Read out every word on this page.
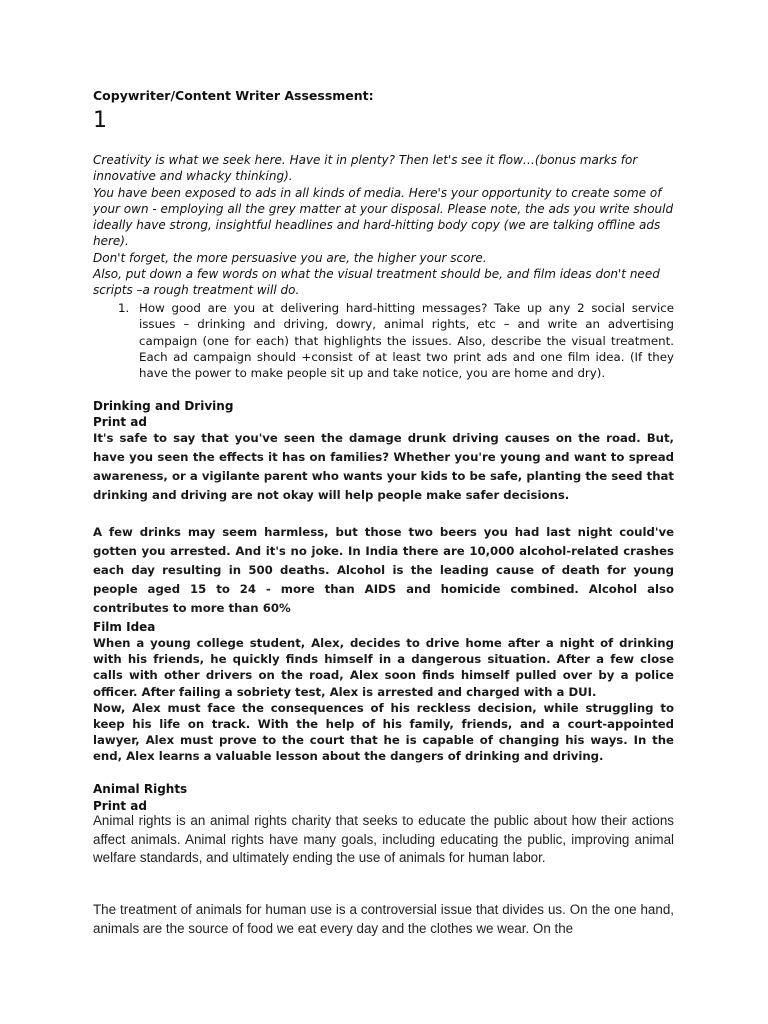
Copywriter/Content Writer Assessment:
1

Creativity is what we seek here. Have it in plenty? Then let's see it flow…(bonus marks for innovative and whacky thinking).

You have been exposed to ads in all kinds of media. Here's your opportunity to create some of your own - employing all the grey matter at your disposal. Please note, the ads you write should ideally have strong, insightful headlines and hard-hitting body copy (we are talking offline ads here).

Don't forget, the more persuasive you are, the higher your score.

Also, put down a few words on what the visual treatment should be, and film ideas don't need scripts –a rough treatment will do.

1. How good are you at delivering hard-hitting messages? Take up any 2 social service issues – drinking and driving, dowry, animal rights, etc – and write an advertising campaign (one for each) that highlights the issues. Also, describe the visual treatment. Each ad campaign should +consist of at least two print ads and one film idea. (If they have the power to make people sit up and take notice, you are home and dry).
Drinking and Driving
Print ad

It's safe to say that you've seen the damage drunk driving causes on the road. But, have you seen the effects it has on families? Whether you're young and want to spread awareness, or a vigilante parent who wants your kids to be safe, planting the seed that drinking and driving are not okay will help people make safer decisions.

A few drinks may seem harmless, but those two beers you had last night could've gotten you arrested. And it's no joke. In India there are 10,000 alcohol-related crashes each day resulting in 500 deaths. Alcohol is the leading cause of death for young people aged 15 to 24 - more than AIDS and homicide combined. Alcohol also contributes to more than 60%

Film Idea

When a young college student, Alex, decides to drive home after a night of drinking with his friends, he quickly finds himself in a dangerous situation. After a few close calls with other drivers on the road, Alex soon finds himself pulled over by a police officer. After failing a sobriety test, Alex is arrested and charged with a DUI.

Now, Alex must face the consequences of his reckless decision, while struggling to keep his life on track. With the help of his family, friends, and a court-appointed lawyer, Alex must prove to the court that he is capable of changing his ways. In the end, Alex learns a valuable lesson about the dangers of drinking and driving.

Animal Rights
Print ad

Animal rights is an animal rights charity that seeks to educate the public about how their actions affect animals. Animal rights have many goals, including educating the public, improving animal welfare standards, and ultimately ending the use of animals for human labor.

The treatment of animals for human use is a controversial issue that divides us. On the one hand, animals are the source of food we eat every day and the clothes we wear. On the
